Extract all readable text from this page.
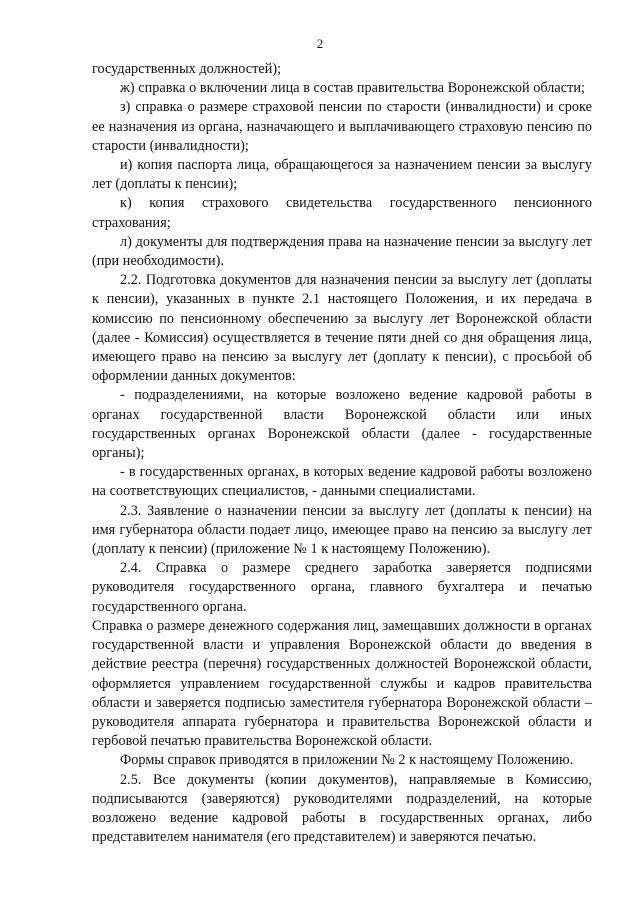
2

государственных должностей);

ж) справка о включении лица в состав правительства Воронежской области;

з) справка о размере страховой пенсии по старости (инвалидности) и сроке ее назначения из органа, назначающего и выплачивающего страховую пенсию по старости (инвалидности);

и) копия паспорта лица, обращающегося за назначением пенсии за выслугу лет (доплаты к пенсии);

к) копия страхового свидетельства государственного пенсионного страхования;

л) документы для подтверждения права на назначение пенсии за выслугу лет (при необходимости).

2.2. Подготовка документов для назначения пенсии за выслугу лет (доплаты к пенсии), указанных в пункте 2.1 настоящего Положения, и их передача в комиссию по пенсионному обеспечению за выслугу лет Воронежской области (далее - Комиссия) осуществляется в течение пяти дней со дня обращения лица, имеющего право на пенсию за выслугу лет (доплату к пенсии), с просьбой об оформлении данных документов:

- подразделениями, на которые возложено ведение кадровой работы в органах государственной власти Воронежской области или иных государственных органах Воронежской области (далее - государственные органы);

- в государственных органах, в которых ведение кадровой работы возложено на соответствующих специалистов, - данными специалистами.

2.3. Заявление о назначении пенсии за выслугу лет (доплаты к пенсии) на имя губернатора области подает лицо, имеющее право на пенсию за выслугу лет (доплату к пенсии) (приложение № 1 к настоящему Положению).

2.4. Справка о размере среднего заработка заверяется подписями руководителя государственного органа, главного бухгалтера и печатью государственного органа.

Справка о размере денежного содержания лиц, замещавших должности в органах государственной власти и управления Воронежской области до введения в действие реестра (перечня) государственных должностей Воронежской области, оформляется управлением государственной службы и кадров правительства области и заверяется подписью заместителя губернатора Воронежской области – руководителя аппарата губернатора и правительства Воронежской области и гербовой печатью правительства Воронежской области.

Формы справок приводятся в приложении № 2 к настоящему Положению.

2.5. Все документы (копии документов), направляемые в Комиссию, подписываются (заверяются) руководителями подразделений, на которые возложено ведение кадровой работы в государственных органах, либо представителем нанимателя (его представителем) и заверяются печатью.
